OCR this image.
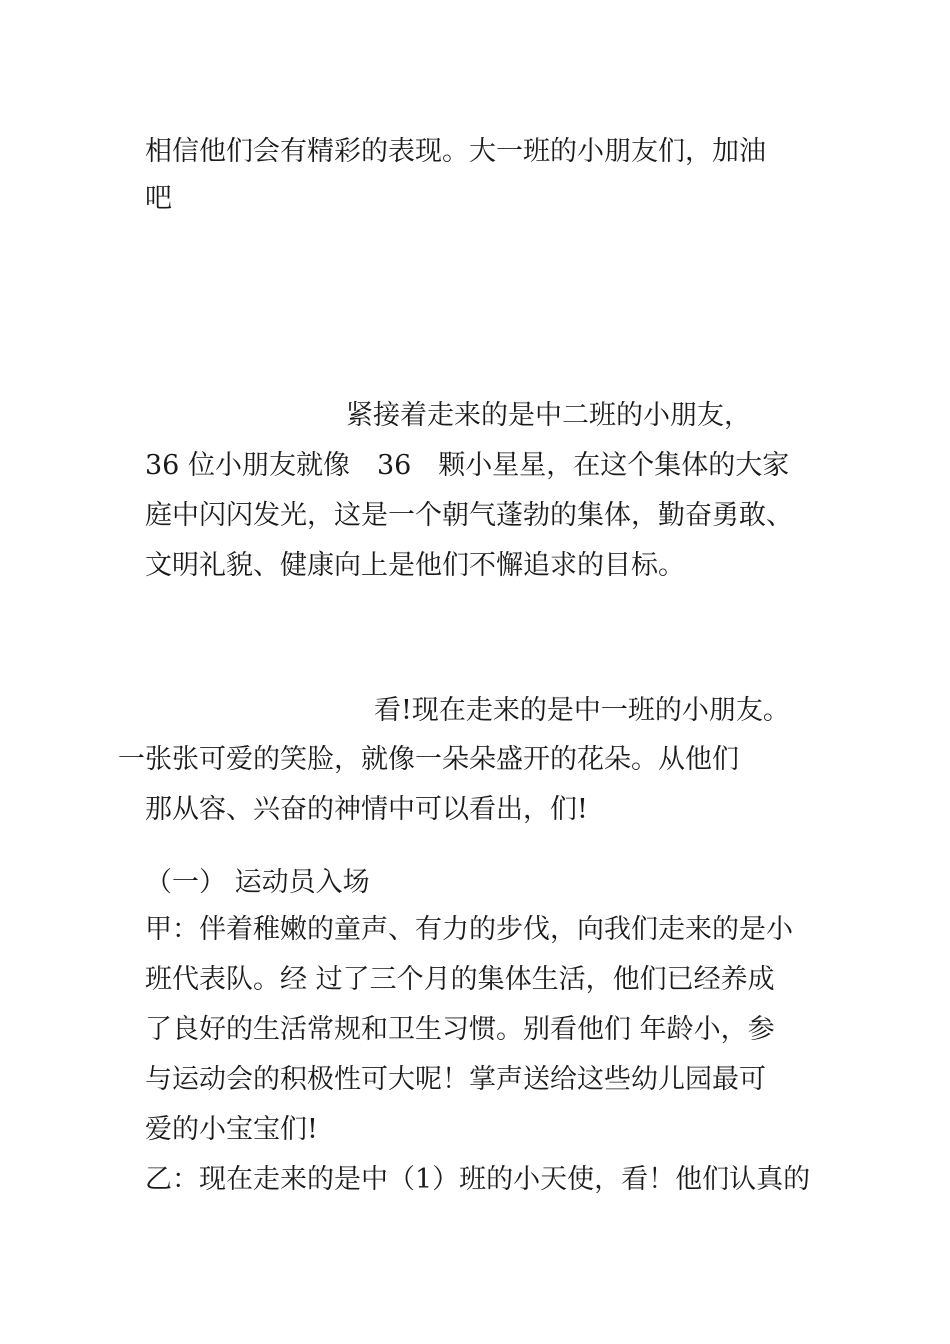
相信他们会有精彩的表现。大一班的小朋友们，加油
吧
紧接着走来的是中二班的小朋友，
36 位小朋友就像　36　颗小星星，在这个集体的大家
庭中闪闪发光，这是一个朝气蓬勃的集体，勤奋勇敢、
文明礼貌、健康向上是他们不懈追求的目标。
看!现在走来的是中一班的小朋友。
一张张可爱的笑脸，就像一朵朵盛开的花朵。从他们
那从容、兴奋的神情中可以看出，们!
（一） 运动员入场
甲：伴着稚嫩的童声、有力的步伐，向我们走来的是小
班代表队。经 过了三个月的集体生活，他们已经养成
了良好的生活常规和卫生习惯。别看他们 年龄小，参
与运动会的积极性可大呢！掌声送给这些幼儿园最可
爱的小宝宝们!
乙：现在走来的是中（1）班的小天使，看！他们认真的
